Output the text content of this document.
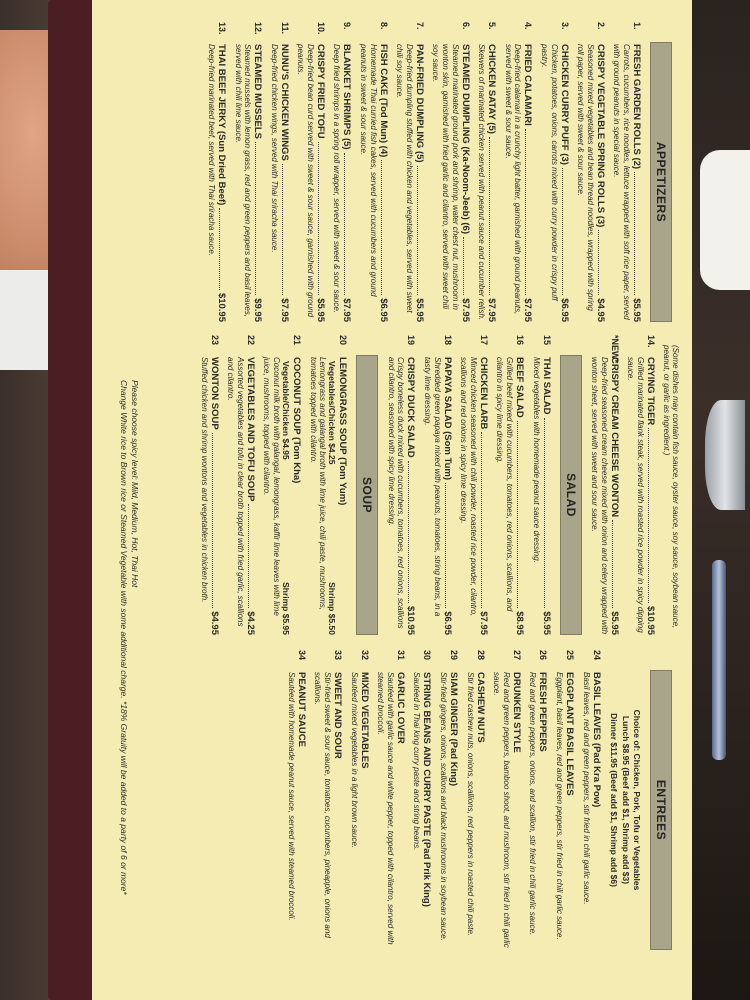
APPETIZERS
1.
FRESH GARDEN ROLLS (2)
$5.95
Carrots, cucumbers, rice noodles, lettuce wrapped with soft rice paper, served with ground peanuts in special sauce.
2.
CRISPY VEGETABLE SPRING ROLLS (3)
$4.95
Seasoned mixed vegetables and bean thread noodles, wrapped with spring roll paper, served with sweet & sour sauce.
3.
CHICKEN CURRY PUFF (3)
$6.95
Chicken, potatoes, onions, carrots mixed with curry powder in crispy puff pastry.
4.
FRIED CALAMARI
$7.95
Deep-fried calamari in a crunchy light batter, garnished with ground peanuts, served with sweet & sour sauce.
5.
CHICKEN SATAY (5)
$7.95
Skewers of marinated chicken served with peanut sauce and cucumber relish.
6.
STEAMED DUMPLING (Ka-Noom-Jeeb) (6)
$7.95
Steamed marinated ground pork and shrimp, water chest nut, mushroom in wonton skin, garnished with fried garlic and cilantro, served with sweet chili soy sauce.
7.
PAN-FRIED DUMPLING (5)
$5.95
Deep-fried dumpling stuffed with chicken and vegetables, served with sweet chili soy sauce.
8.
FISH CAKE (Tod Mun) (4)
$6.95
Homemade Thai curried fish cakes, served with cucumbers and ground peanuts in sweet & sour sauce.
9.
BLANKET SHRIMPS (5)
$7.95
Deep fried shrimps in a spring roll wrapper, served with sweet & sour sauce.
10.
CRISPY FRIED TOFU
$5.95
Deep-fried bean curd served with sweet & sour sauce, garnished with ground peanuts.
11.
NUNU'S CHICKEN WINGS
$7.95
Deep-fried chicken wings, served with Thai sriracha sauce.
12.
STEAMED MUSSELS
$9.95
Steamed mussels with lemon grass, red and green peppers and basil leaves, served with chili lime sauce.
13.
THAI BEEF JERKY (Sun Dried Beef)
$10.95
Deep-fried marinated beef, served with Thai sriracha sauce.
(Some dishes may contain fish sauce, oyster sauce, soy sauce, soybean sauce, peanut, or garlic as ingredient.)
14.
CRYING TIGER
$10.95
Grilled marinated flank steak, served with roasted rice powder in spicy dipping sauce.
*NEW*
CRISPY CREAM CHEESE WONTON
$5.95
Deep-fried seasoned cream cheese mixed with onion and celery wrapped with wonton sheet, served with sweet and sour sauce.
SALAD
15
THAI SALAD
$5.95
Mixed vegetables with homemade peanut sauce dressing.
16
BEEF SALAD
$8.95
Grilled beef mixed with cucumbers, tomatoes, red onions, scallions, and cilantro in spicy lime dressing.
17
CHICKEN LARB
$7.95
Minced chicken seasoned with chili powder, roasted rice powder, cilantro, scallions and red onions in spicy lime dressing.
18
PAPAYA SALAD (Som Tum)
$6.95
Shredded green papaya mixed with peanuts, tomatoes, string beans, in a tasty lime dressing.
19
CRISPY DUCK SALAD
$10.95
Crispy boneless duck mixed with cucumbers, tomatoes, red onions, scallions and cilantro, seasoned with spicy lime dressing.
SOUP
20
LEMONGRASS SOUP (Tom Yum)
Vegetables/Chicken $4.25
Shrimp $5.50
Lemongrass and galangal broth with lime juice, chili paste, mushrooms, tomatoes topped with cilantro.
21
COCONUT SOUP (Tom Kha)
Vegetable/Chicken $4.95
Shrimp $5.95
Coconut milk broth with galangal, lemongrass, kaffir lime leaves with lime juice, mushrooms, topped with cilantro.
22
VEGETABLES AND TOFU SOUP
$4.25
Assorted vegetables and tofu in clear broth topped with fried garlic, scallions and cilantro.
23
WONTON SOUP
$4.95
Stuffed chicken and shrimp wontons and vegetables in chicken broth.
ENTREES
Choice of: Chicken, Pork, Tofu or Vegetables
Lunch $8.95 (Beef add $1, Shrimp add $3)
Dinner $11.95 (Beef add $1, Shrimp add $6)
24
BASIL LEAVES (Pad Kra Pow)
Basil leaves, red and green peppers, stir fried in chili garlic sauce.
25
EGGPLANT BASIL LEAVES
Eggplant, basil leaves, red and green peppers, stir fried in chili garlic sauce.
26
FRESH PEPPERS
Red and green peppers, onions, and scallion, stir fried in chili garlic sauce.
27
DRUNKEN STYLE
Red and green peppers, bamboo shoot, and mushroom, stir fried in chili garlic sauce.
28
CASHEW NUTS
Stir fried cashew nuts, onions, scallions, red peppers in roasted chili paste.
29
SIAM GINGER (Pad King)
Stir-fried gingers, onions, scallions and black mushrooms in soybean sauce.
30
STRING BEANS AND CURRY PASTE (Pad Prik King)
Sautéed in Thai king curry paste and string beans.
31
GARLIC LOVER
Sautéed with garlic sauce and white pepper, topped with cilantro, served with steamed broccoli.
32
MIXED VEGETABLES
Sautéed mixed vegetables in a light brown sauce.
33
SWEET AND SOUR
Stir-fried sweet & sour sauce, tomatoes, cucumbers, pineapple, onions and scallions.
34
PEANUT SAUCE
Sautéed with homemade peanut sauce, served with steamed broccoli.
Please choose spicy level: Mild, Medium, Hot, Thai Hot
Change White rice to Brown rice or Steamed Vegetable with some additional charge. *18% Gratuity will be added to a party of 6 or more*
